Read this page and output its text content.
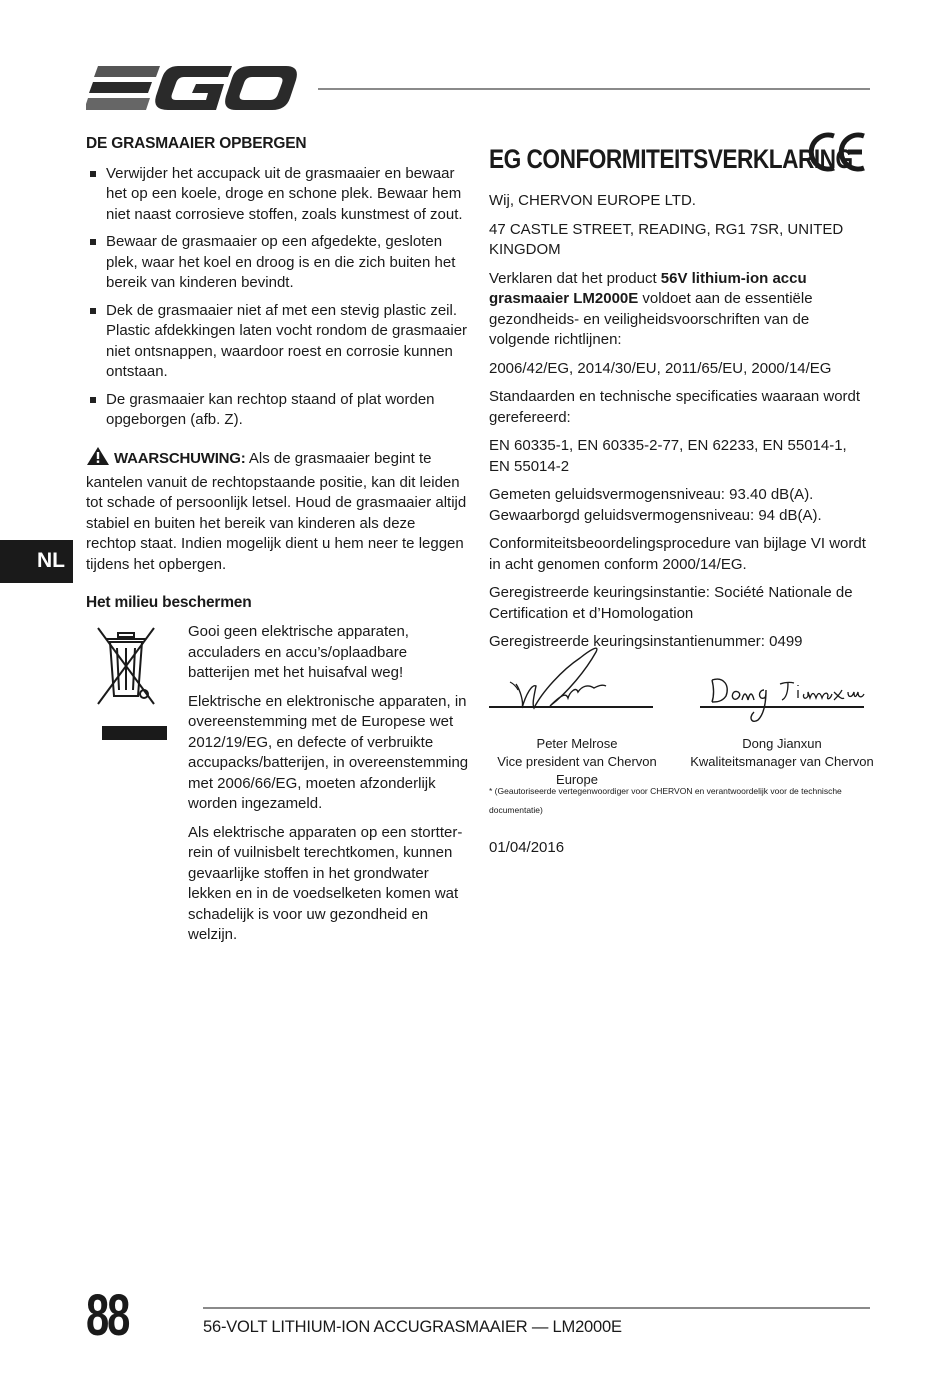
DE GRASMAAIER OPBERGEN
Verwijder het accupack uit de grasmaaier en bewaar het op een koele, droge en schone plek. Bewaar hem niet naast corrosieve stoffen, zoals kunstmest of zout.
Bewaar de grasmaaier op een afgedekte, gesloten plek, waar het koel en droog is en die zich buiten het bereik van kinderen bevindt.
Dek de grasmaaier niet af met een stevig plastic zeil. Plastic afdekkingen laten vocht rondom de grasmaaier niet ontsnappen, waardoor roest en corrosie kunnen ontstaan.
De grasmaaier kan rechtop staand of plat worden opgeborgen (afb. Z).

WAARSCHUWING: Als de grasmaaier begint te kantelen vanuit de rechtopstaande positie, kan dit leiden tot schade of persoonlijk letsel. Houd de grasmaaier altijd stabiel en buiten het bereik van kinderen als deze rechtop staat. Indien mogelijk dient u hem neer te leggen tijdens het opbergen.

NL
Het milieu beschermen

Gooi geen elektrische apparaten, acculaders en accu’s/oplaadbare batterijen met het huisafval weg!

Elektrische en elektronische apparaten, in overeenstemming met de Europese wet 2012/19/EG, en defecte of verbruikte accupacks/batterijen, in overeenstemming met 2006/66/EG, moeten afzonderlijk worden ingezameld.

Als elektrische apparaten op een stortter-rein of vuilnisbelt terechtkomen, kunnen gevaarlijke stoffen in het grondwater lekken en in de voedselketen komen wat schadelijk is voor uw gezondheid en welzijn.

EG CONFORMITEITSVERKLARING

Wij, CHERVON EUROPE LTD.

47 CASTLE STREET, READING, RG1 7SR, UNITED KINGDOM

Verklaren dat het product 56V lithium-ion accu grasmaaier LM2000E voldoet aan de essentiële gezondheids- en veiligheidsvoorschriften van de volgende richtlijnen:

2006/42/EG, 2014/30/EU, 2011/65/EU, 2000/14/EG

Standaarden en technische specificaties waaraan wordt gerefereerd:

EN 60335-1, EN 60335-2-77, EN 62233, EN 55014-1, EN 55014-2

Gemeten geluidsvermogensniveau: 93.40 dB(A).
Gewaarborgd geluidsvermogensniveau: 94 dB(A).

Conformiteitsbeoordelingsprocedure van bijlage VI wordt in acht genomen conform 2000/14/EG.

Geregistreerde keuringsinstantie: Société Nationale de Certification et d’Homologation

Geregistreerde keuringsinstantienummer: 0499

Peter Melrose
Vice president van Chervon Europe
Dong Jianxun
Kwaliteitsmanager van Chervon
* (Geautoriseerde vertegenwoordiger voor CHERVON en verantwoordelijk voor de technische documentatie)
01/04/2016
88	56-VOLT LITHIUM-ION ACCUGRASMAAIER — LM2000E
